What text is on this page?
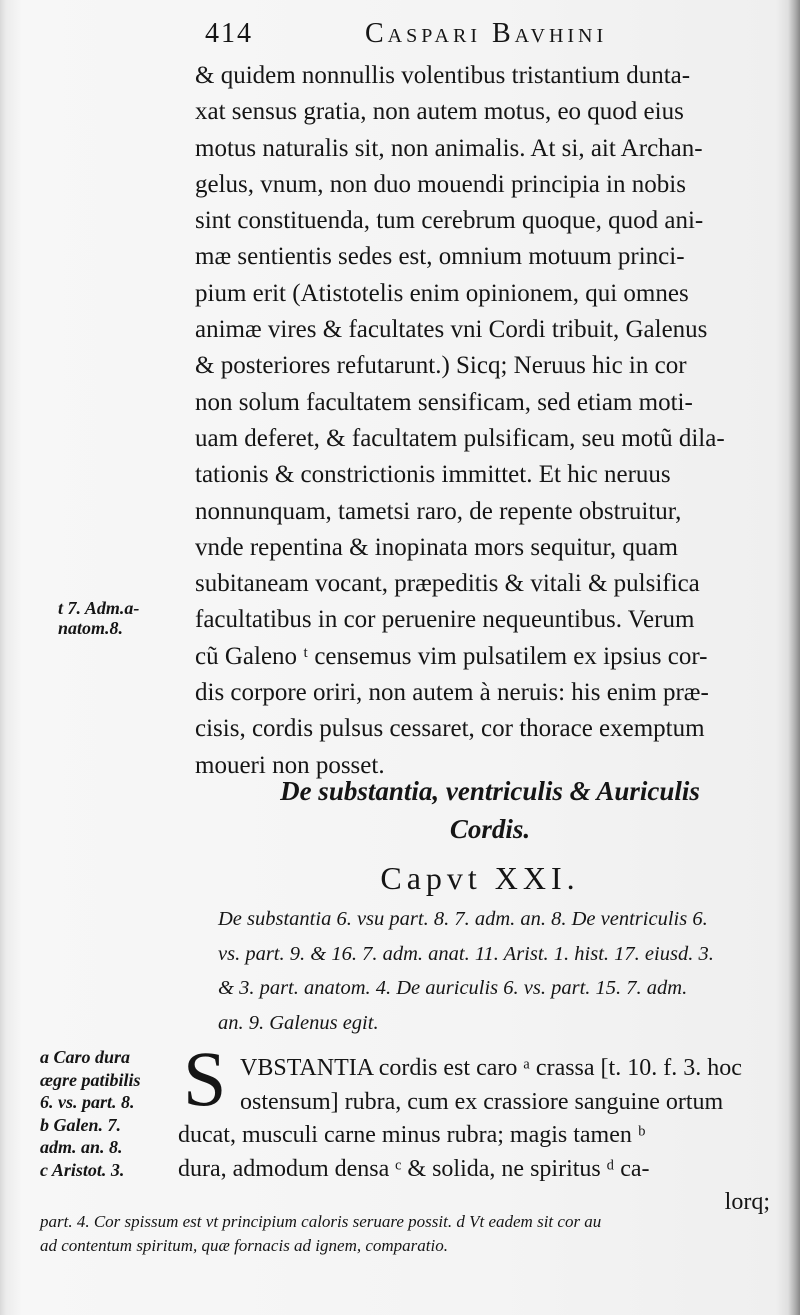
414	Caspari Bavhini
& quidem nonnullis volentibus tristantium dunta-
xat sensus gratia, non autem motus, eo quod eius
motus naturalis sit, non animalis. At si, ait Archan-
gelus, vnum, non duo mouendi principia in nobis
sint constituenda, tum cerebrum quoque, quod ani-
mæ sentientis sedes est, omnium motuum princi-
pium erit (Atistotelis enim opinionem, qui omnes
animæ vires & facultates vni Cordi tribuit, Galenus
& posteriores refutarunt.) Sicq; Neruus hic in cor
non solum facultatem sensificam, sed etiam moti-
uam deferet, & facultatem pulsificam, seu motũ dila-
tationis & constrictionis immittet. Et hic neruus
nonnunquam, tametsi raro, de repente obstruitur,
vnde repentina & inopinata mors sequitur, quam
subitaneam vocant, præpeditis & vitali & pulsifica
facultatibus in cor peruenire nequeuntibus. Verum
cũ Galeno ᵗ censemus vim pulsatilem ex ipsius cor-
dis corpore oriri, non autem à neruis: his enim præ-
cisis, cordis pulsus cessaret, cor thorace exemptum
moueri non posset.
t 7. Adm.a-
natom.8.
De substantia, ventriculis & Auriculis
Cordis.
Capvt XXI.
De substantia 6. vsu part. 8. 7. adm. an. 8. De ventriculis 6.
vs. part. 9. & 16. 7. adm. anat. 11. Arist. 1. hist. 17. eiusd. 3.
& 3. part. anatom. 4. De auriculis 6. vs. part. 15. 7. adm.
an. 9. Galenus egit.
a Caro dura
ægre patibilis
6. vs. part. 8.
b Galen. 7.
adm. an. 8.
c Aristot. 3.
S VBSTANTIA cordis est caro ᵃ crassa [t. 10. f. 3. hoc
ostensum] rubra, cum ex crassiore sanguine ortum
ducat, musculi carne minus rubra; magis tamen ᵇ
dura, admodum densa ᶜ & solida, ne spiritus ᵈ ca-
lorq;
part. 4. Cor spissum est vt principium caloris seruare possit. d Vt eadem sit cor au
ad contentum spiritum, quæ fornacis ad ignem, comparatio.
